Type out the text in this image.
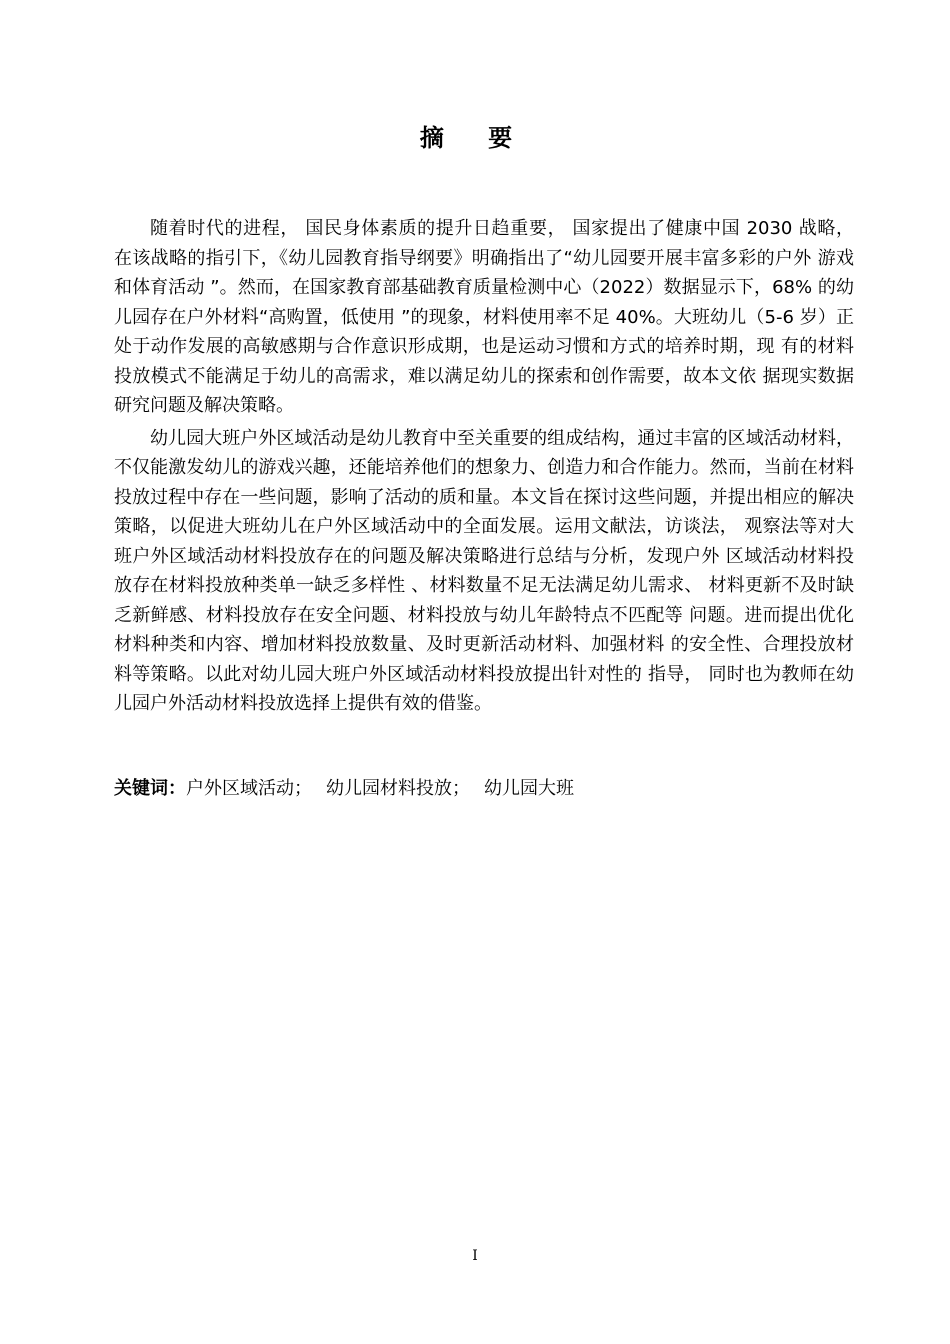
摘 要

随着时代的进程， 国民身体素质的提升日趋重要， 国家提出了健康中国 2030 战略， 在该战略的指引下，《幼儿园教育指导纲要》明确指出了“幼儿园要开展丰富多彩的户外 游戏和体育活动 ”。然而，在国家教育部基础教育质量检测中心（2022）数据显示下，68% 的幼儿园存在户外材料“高购置，低使用 ”的现象，材料使用率不足 40%。大班幼儿（5-6 岁）正处于动作发展的高敏感期与合作意识形成期，也是运动习惯和方式的培养时期，现 有的材料投放模式不能满足于幼儿的高需求，难以满足幼儿的探索和创作需要，故本文依 据现实数据研究问题及解决策略。

幼儿园大班户外区域活动是幼儿教育中至关重要的组成结构，通过丰富的区域活动材料，不仅能激发幼儿的游戏兴趣，还能培养他们的想象力、创造力和合作能力。然而，当前在材料投放过程中存在一些问题，影响了活动的质和量。本文旨在探讨这些问题，并提出相应的解决策略，以促进大班幼儿在户外区域活动中的全面发展。运用文献法，访谈法， 观察法等对大班户外区域活动材料投放存在的问题及解决策略进行总结与分析，发现户外 区域活动材料投放存在材料投放种类单一缺乏多样性 、材料数量不足无法满足幼儿需求、 材料更新不及时缺乏新鲜感、材料投放存在安全问题、材料投放与幼儿年龄特点不匹配等 问题。进而提出优化材料种类和内容、增加材料投放数量、及时更新活动材料、加强材料 的安全性、合理投放材料等策略。以此对幼儿园大班户外区域活动材料投放提出针对性的 指导， 同时也为教师在幼儿园户外活动材料投放选择上提供有效的借鉴。

关键词：户外区域活动； 幼儿园材料投放； 幼儿园大班
I
